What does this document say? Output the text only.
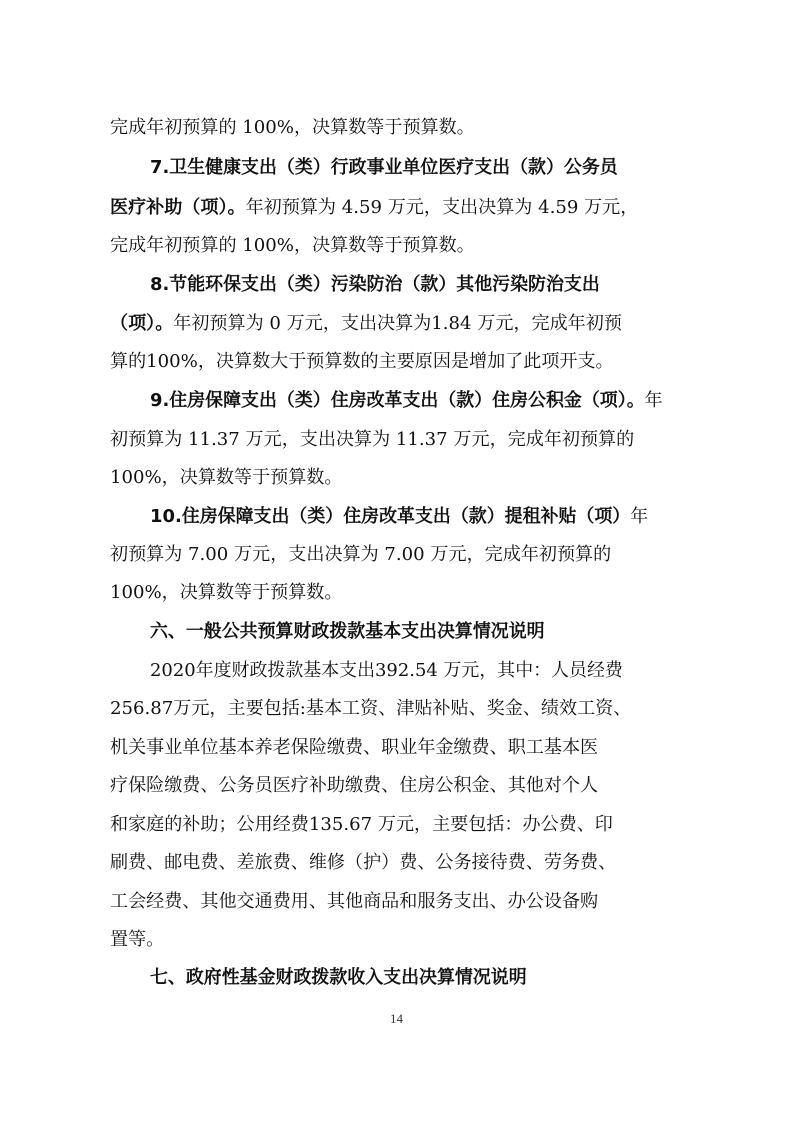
完成年初预算的 100%，决算数等于预算数。
7.卫生健康支出（类）行政事业单位医疗支出（款）公务员
医疗补助（项）。年初预算为 4.59 万元，支出决算为 4.59 万元，
完成年初预算的 100%，决算数等于预算数。
8.节能环保支出（类）污染防治（款）其他污染防治支出
（项）。年初预算为 0 万元，支出决算为1.84 万元，完成年初预
算的100%，决算数大于预算数的主要原因是增加了此项开支。
9.住房保障支出（类）住房改革支出（款）住房公积金（项）。年
初预算为 11.37 万元，支出决算为 11.37 万元，完成年初预算的
100%，决算数等于预算数。
10.住房保障支出（类）住房改革支出（款）提租补贴（项）年
初预算为 7.00 万元，支出决算为 7.00 万元，完成年初预算的
100%，决算数等于预算数。
六、一般公共预算财政拨款基本支出决算情况说明
2020年度财政拨款基本支出392.54 万元，其中：人员经费
256.87万元，主要包括:基本工资、津贴补贴、奖金、绩效工资、
机关事业单位基本养老保险缴费、职业年金缴费、职工基本医
疗保险缴费、公务员医疗补助缴费、住房公积金、其他对个人
和家庭的补助；公用经费135.67 万元，主要包括：办公费、印
刷费、邮电费、差旅费、维修（护）费、公务接待费、劳务费、
工会经费、其他交通费用、其他商品和服务支出、办公设备购
置等。
七、政府性基金财政拨款收入支出决算情况说明
14
